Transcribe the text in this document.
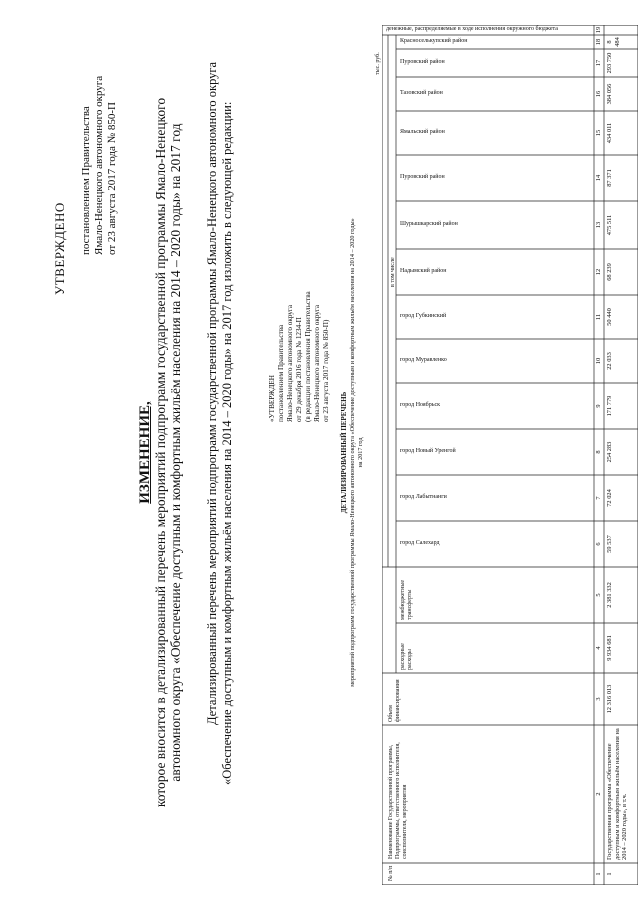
УТВЕРЖДЕНО постановлением Правительства Ямало-Ненецкого автономного округа от 23 августа 2017 года № 850-П
ИЗМЕНЕНИЕ, которое вносится в детализированный перечень мероприятий подпрограмм государственной программы Ямало-Ненецкого автономного округа «Обеспечение доступным и комфортным жильём населения на 2014 – 2020 годы» на 2017 год Детализированный перечень мероприятий подпрограмм государственной программы Ямало-Ненецкого автономного округа «Обеспечение доступным и комфортным жильём населения на 2014 – 2020 годы» на 2017 год изложить в следующей редакции:	«УТВЕРЖДЕН постановлением Правительства Ямало-Ненецкого автономного округа от 29 декабря 2016 года № 1234-П (в редакции постановления Правительства Ямало-Ненецкого автономного округа от 23 августа 2017 года № 850-П)
ДЕТАЛИЗИРОВАННЫЙ ПЕРЕЧЕНЬ мероприятий подпрограмм государственной программы Ямало-Ненецкого автономного округа «Обеспечение доступным и комфортным жильём населения на 2014 – 2020 годы» на 2017 год
тыс. руб.
№ п/п
Наименование Государственной программы, Подпрограммы, ответственного исполнителя, соисполнителя, мероприятия
Объем финансирования
расходные расходы
межбюджетные трансферты
город Салехард
город Лабытнанги
город Новый Уренгой
город Ноябрьск
город Муравленко
город Губкинский
Надымский район
Шурышкарский район
Пуровский район
Ямальский район
Тазовский район
Пуровский район
Красноселькупский район
денежные, распределяемые в ходе исполнения окружного бюджета
в том числе
1
2
3
4
5
6
7
8
9
10
11
12
13
14
15
16
17
18
19
1
Государственная программа «Обеспечение доступным и комфортным жильём населения на 2014 – 2020 годы», в т.ч.
12 316 013
9 934 681
2 381 332
59 537
72 024
254 283
171 779
22 033
50 440
68 239
475 511
87 371
434 011
384 056
293 750
8 484
